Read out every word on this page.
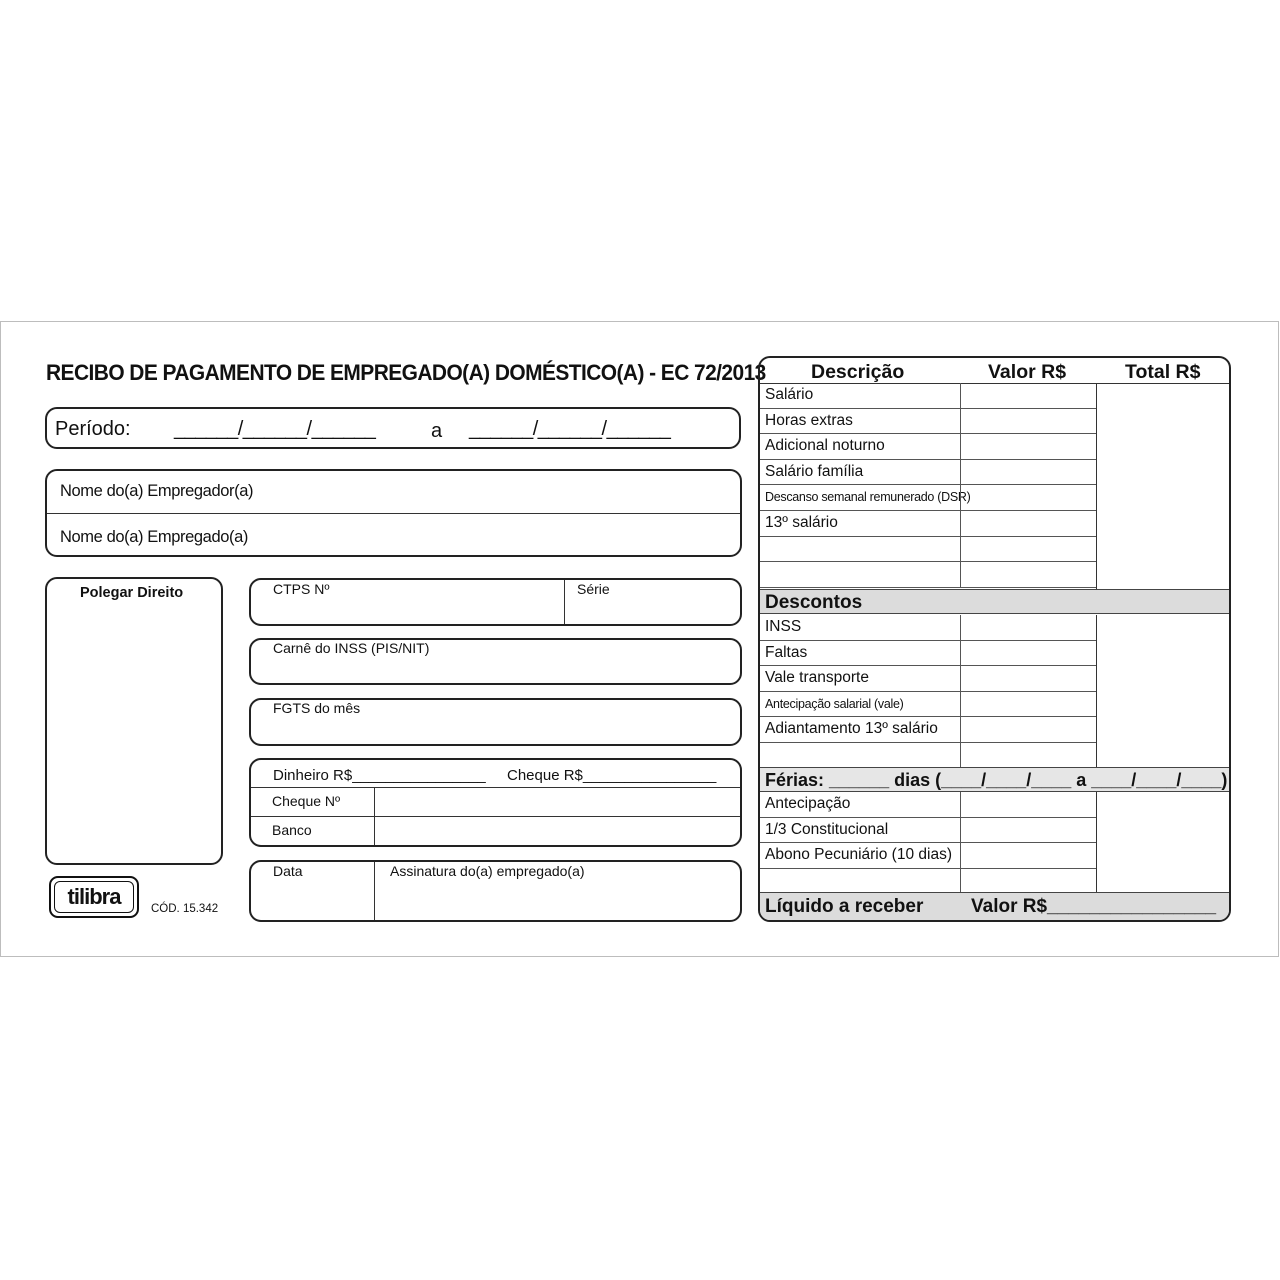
RECIBO DE PAGAMENTO DE EMPREGADO(A) DOMÉSTICO(A) - EC 72/2013
Período: ______/______/______	a ______/______/______
Nome do(a) Empregador(a)
Nome do(a) Empregado(a)
Polegar Direito	CTPS Nº	Série
Carnê do INSS (PIS/NIT)
FGTS do mês
Dinheiro R$________________ Cheque R$________________
Cheque Nº
Banco
Data	Assinatura do(a) empregado(a)
tilibra	CÓD. 15.342
Descrição	Valor R$	Total R$
Salário
Horas extras
Adicional noturno
Salário família
Descanso semanal remunerado (DSR)
13º salário
Descontos
INSS
Faltas
Vale transporte
Antecipação salarial (vale)
Adiantamento 13º salário
Férias: ______ dias (____/____/____ a ____/____/____)
Antecipação
1/3 Constitucional
Abono Pecuniário (10 dias)
Líquido a receber	Valor R$________________
